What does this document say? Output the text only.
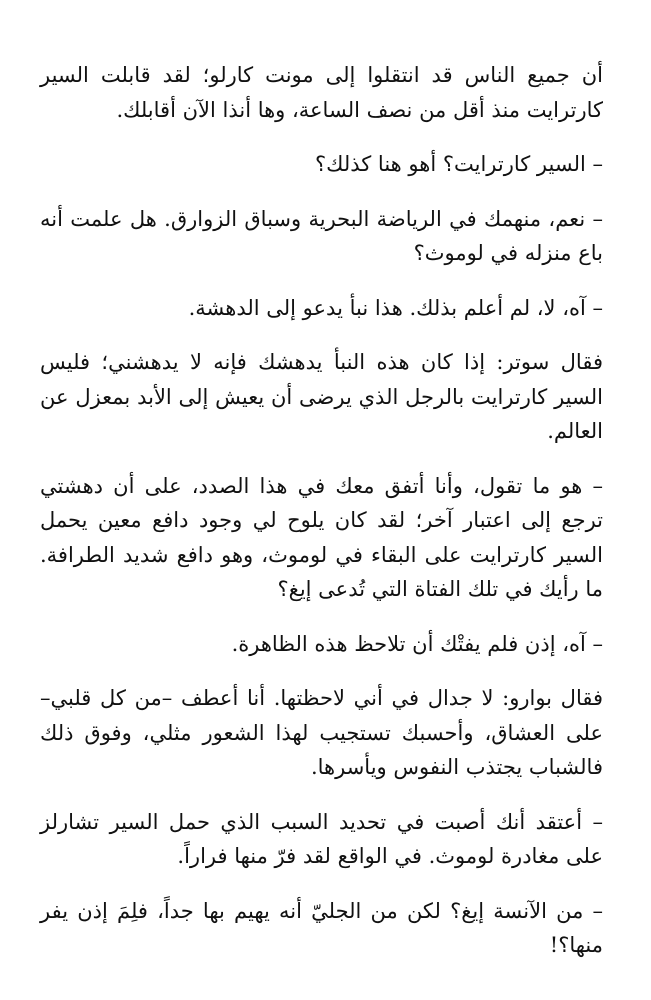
أن جميع الناس قد انتقلوا إلى مونت كارلو؛ لقد قابلت السير كارترايت منذ أقل من نصف الساعة، وها أنذا الآن أقابلك.

– السير كارترايت؟ أهو هنا كذلك؟

– نعم، منهمك في الرياضة البحرية وسباق الزوارق. هل علمت أنه باع منزله في لوموث؟

– آه، لا، لم أعلم بذلك. هذا نبأ يدعو إلى الدهشة.

فقال سوتر: إذا كان هذه النبأ يدهشك فإنه لا يدهشني؛ فليس السير كارترايت بالرجل الذي يرضى أن يعيش إلى الأبد بمعزل عن العالم.

– هو ما تقول، وأنا أتفق معك في هذا الصدد، على أن دهشتي ترجع إلى اعتبار آخر؛ لقد كان يلوح لي وجود دافع معين يحمل السير كارترايت على البقاء في لوموث، وهو دافع شديد الطرافة. ما رأيك في تلك الفتاة التي تُدعى إيغ؟

– آه، إذن فلم يفتْك أن تلاحظ هذه الظاهرة.

فقال بوارو: لا جدال في أني لاحظتها. أنا أعطف –من كل قلبي– على العشاق، وأحسبك تستجيب لهذا الشعور مثلي، وفوق ذلك فالشباب يجتذب النفوس ويأسرها.

– أعتقد أنك أصبت في تحديد السبب الذي حمل السير تشارلز على مغادرة لوموث. في الواقع لقد فرّ منها فراراً.

– من الآنسة إيغ؟ لكن من الجليّ أنه يهيم بها جداً، فلِمَ إذن يفر منها؟!
